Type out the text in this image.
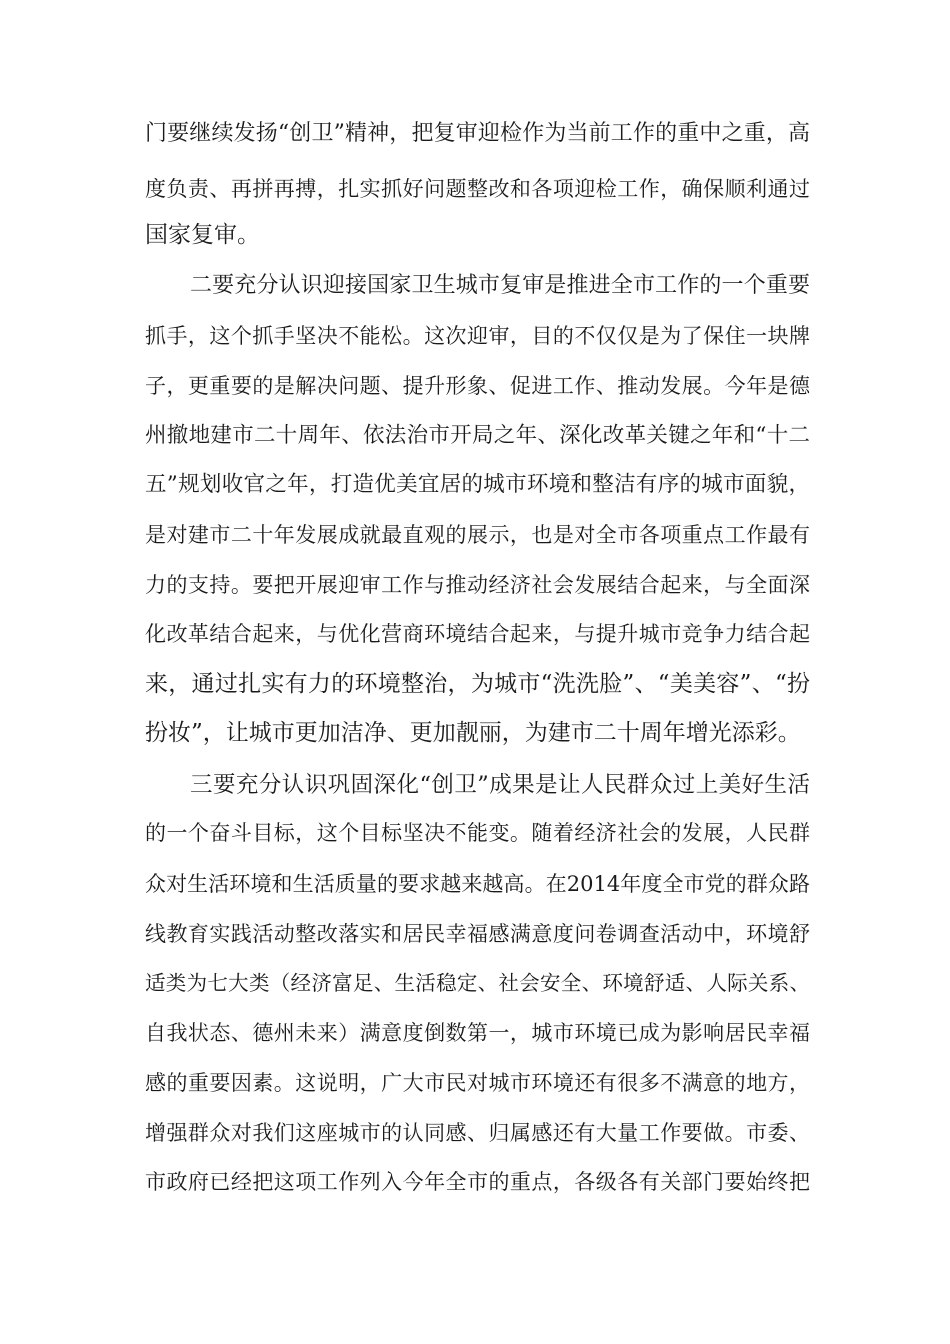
门要继续发扬“创卫”精神，把复审迎检作为当前工作的重中之重，高
度负责、再拼再搏，扎实抓好问题整改和各项迎检工作，确保顺利通过
国家复审。
二要充分认识迎接国家卫生城市复审是推进全市工作的一个重要
抓手，这个抓手坚决不能松。这次迎审，目的不仅仅是为了保住一块牌
子，更重要的是解决问题、提升形象、促进工作、推动发展。今年是德
州撤地建市二十周年、依法治市开局之年、深化改革关键之年和“十二
五”规划收官之年，打造优美宜居的城市环境和整洁有序的城市面貌，
是对建市二十年发展成就最直观的展示，也是对全市各项重点工作最有
力的支持。要把开展迎审工作与推动经济社会发展结合起来，与全面深
化改革结合起来，与优化营商环境结合起来，与提升城市竞争力结合起
来，通过扎实有力的环境整治，为城市“洗洗脸”、“美美容”、“扮
扮妆”，让城市更加洁净、更加靓丽，为建市二十周年增光添彩。
三要充分认识巩固深化“创卫”成果是让人民群众过上美好生活
的一个奋斗目标，这个目标坚决不能变。随着经济社会的发展，人民群
众对生活环境和生活质量的要求越来越高。在2014年度全市党的群众路
线教育实践活动整改落实和居民幸福感满意度问卷调查活动中，环境舒
适类为七大类（经济富足、生活稳定、社会安全、环境舒适、人际关系、
自我状态、德州未来）满意度倒数第一，城市环境已成为影响居民幸福
感的重要因素。这说明，广大市民对城市环境还有很多不满意的地方，
增强群众对我们这座城市的认同感、归属感还有大量工作要做。市委、
市政府已经把这项工作列入今年全市的重点，各级各有关部门要始终把
